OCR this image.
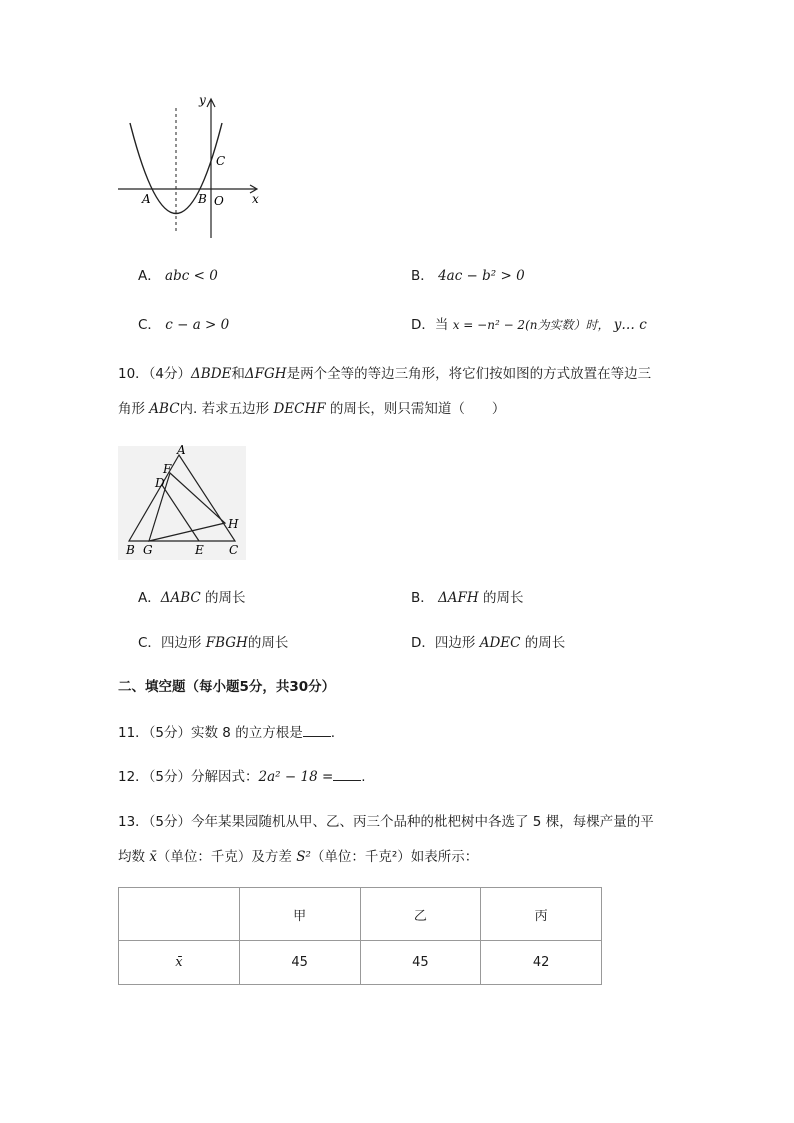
y
x
A	B O
C
A． abc < 0	B． 4ac − b² > 0
C． c − a > 0	D．当 x = −n² − 2(n为实数）时， y… c
10．（4分）ΔBDE和ΔFGH是两个全等的等边三角形，将它们按如图的方式放置在等边三
角形 ABC内. 若求五边形 DECHF 的周长，则只需知道（　　）
A
F
D
H
B G	E C
A．ΔABC 的周长	B． ΔAFH 的周长
C．四边形 FBGH的周长	D．四边形 ADEC 的周长
二、填空题（每小题5分，共30分）
11．（5分）实数 8 的立方根是 .
12．（5分）分解因式：2a² − 18 = .
13．（5分）今年某果园随机从甲、乙、丙三个品种的枇杷树中各选了 5 棵，每棵产量的平
均数 x̄（单位：千克）及方差 S²（单位：千克²）如表所示：
	甲	乙	丙
x̄	45	45	42
